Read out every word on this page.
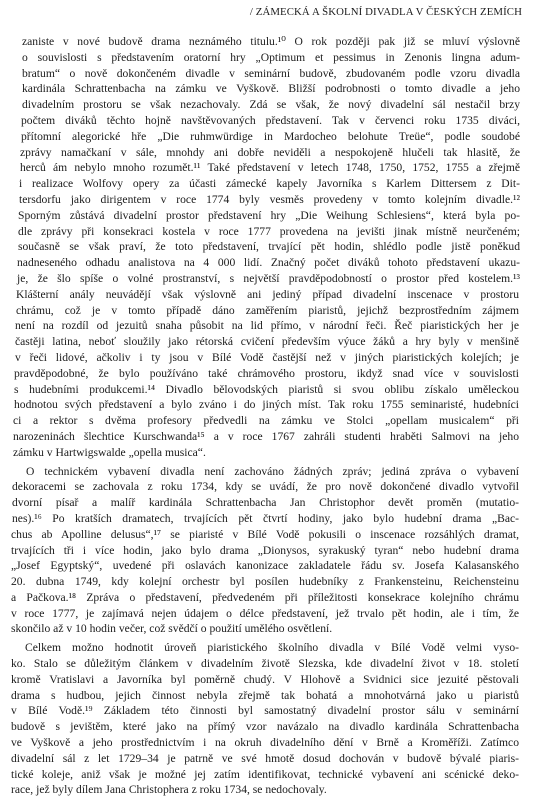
/ ZÁMECKÁ A ŠKOLNÍ DIVADLA V ČESKÝCH ZEMÍCH
zaniste v nové budově drama neznámého titulu.¹⁰ O rok později pak již se mluví výslovně
o souvislosti s představením oratorní hry „Optimum et pessimus in Zenonis lingna adum-
bratum“ o nově dokončeném divadle v seminární budově, zbudovaném podle vzoru divadla
kardinála Schrattenbacha na zámku ve Vyškově. Bližší podrobnosti o tomto divadle a jeho
divadelním prostoru se však nezachovaly. Zdá se však, že nový divadelní sál nestačil brzy
počtem diváků těchto hojně navštěvovaných představení. Tak v červenci roku 1735 diváci,
přítomní alegorické hře „Die ruhmwürdige in Mardocheo belohute Treüe“, podle soudobé
zprávy namačkaní v sále, mnohdy ani dobře neviděli a nespokojeně hlučeli tak hlasitě, že
herců ám nebylo mnoho rozumět.¹¹ Také představení v letech 1748, 1750, 1752, 1755 a zřejmě
i realizace Wolfovy opery za účasti zámecké kapely Javorníka s Karlem Dittersem z Dit-
tersdorfu jako dirigentem v roce 1774 byly vesměs provedeny v tomto kolejním divadle.¹²
Sporným zůstává divadelní prostor představení hry „Die Weihung Schlesiens“, která byla po-
dle zprávy při konsekraci kostela v roce 1777 provedena na jevišti jinak místně neurčeném;
současně se však praví, že toto představení, trvající pět hodin, shlédlo podle jistě poněkud
nadneseného odhadu analistova na 4 000 lidí. Značný počet diváků tohoto představení ukazu-
je, že šlo spíše o volné prostranství, s největší pravděpodobností o prostor před kostelem.¹³
Klášterní anály neuvádějí však výslovně ani jediný případ divadelní inscenace v prostoru
chrámu, což je v tomto případě dáno zaměřením piaristů, jejichž bezprostředním zájmem
není na rozdíl od jezuitů snaha působit na lid přímo, v národní řeči. Řeč piaristických her je
častěji latina, neboť sloužily jako rétorská cvičení především výuce žáků a hry byly v menšině
v řeči lidové, ačkoliv i ty jsou v Bílé Vodě častější než v jiných piaristických kolejích; je
pravděpodobné, že bylo používáno také chrámového prostoru, ikdyž snad více v souvislosti
s hudebními produkcemi.¹⁴ Divadlo bělovodských piaristů si svou oblibu získalo uměleckou
hodnotou svých představení a bylo zváno i do jiných míst. Tak roku 1755 seminaristé, hudebníci
ci a rektor s dvěma profesory předvedli na zámku ve Stolci „opellam musicalem“ při
narozeninách šlechtice Kurschwanda¹⁵ a v roce 1767 zahráli studenti hraběti Salmovi na jeho
zámku v Hartwigswalde „opella musica“.
O technickém vybavení divadla není zachováno žádných zpráv; jediná zpráva o vybavení
dekoracemi se zachovala z roku 1734, kdy se uvádí, že pro nově dokončené divadlo vytvořil
dvorní písař a malíř kardinála Schrattenbacha Jan Christophor devět proměn (mutatio-
nes).¹⁶ Po kratších dramatech, trvajících pět čtvrtí hodiny, jako bylo hudební drama „Bac-
chus ab Apolline delusus“,¹⁷ se piaristé v Bílé Vodě pokusili o inscenace rozsáhlých dramat,
trvajících tři i více hodin, jako bylo drama „Dionysos, syrakuský tyran“ nebo hudební drama
„Josef Egyptský“, uvedené při oslavách kanonizace zakladatele řádu sv. Josefa Kalasanského
20. dubna 1749, kdy kolejní orchestr byl posílen hudebníky z Frankensteinu, Reichensteinu
a Pačkova.¹⁸ Zpráva o představení, předvedeném při příležitosti konsekrace kolejního chrámu
v roce 1777, je zajímavá nejen údajem o délce představení, jež trvalo pět hodin, ale i tím, že
skončilo až v 10 hodin večer, což svědčí o použití umělého osvětlení.
Celkem možno hodnotit úroveň piaristického školního divadla v Bílé Vodě velmi vyso-
ko. Stalo se důležitým článkem v divadelním životě Slezska, kde divadelní život v 18. století
kromě Vratislavi a Javorníka byl poměrně chudý. V Hlohově a Svidnici sice jezuité pěstovali
drama s hudbou, jejich činnost nebyla zřejmě tak bohatá a mnohotvárná jako u piaristů
v Bílé Vodě.¹⁹ Základem této činnosti byl samostatný divadelní prostor sálu v seminární
budově s jevištěm, které jako na přímý vzor navázalo na divadlo kardinála Schrattenbacha
ve Vyškově a jeho prostřednictvím i na okruh divadelního dění v Brně a Kroměříži. Zatímco
divadelní sál z let 1729–34 je patrně ve své hmotě dosud dochován v budově bývalé piaris-
tické koleje, aniž však je možné jej zatím identifikovat, technické vybavení ani scénické deko-
race, jež byly dílem Jana Christophera z roku 1734, se nedochovaly.
